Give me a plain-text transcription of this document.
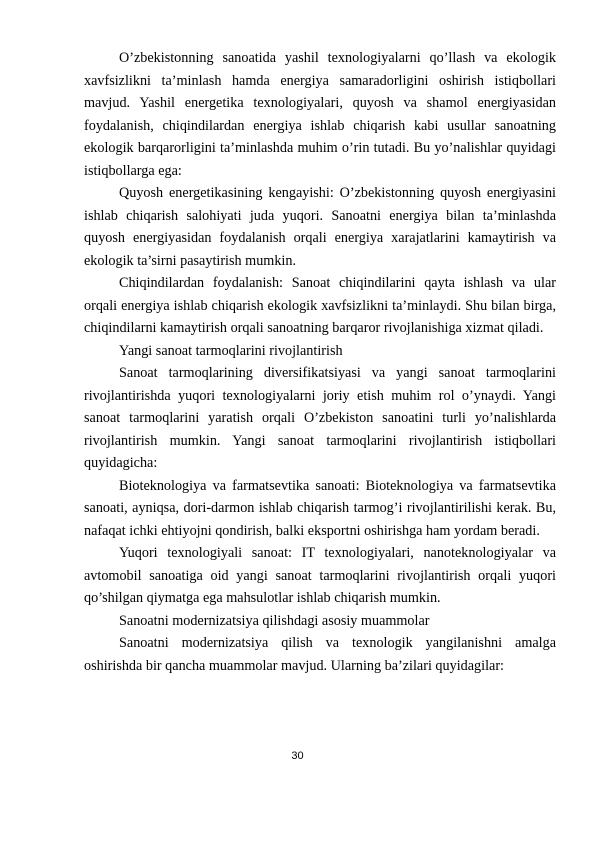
O’zbekistonning sanoatida yashil texnologiyalarni qo’llash va ekologik xavfsizlikni ta’minlash hamda energiya samaradorligini oshirish istiqbollari mavjud. Yashil energetika texnologiyalari, quyosh va shamol energiyasidan foydalanish, chiqindilardan energiya ishlab chiqarish kabi usullar sanoatning ekologik barqarorligini ta’minlashda muhim o’rin tutadi. Bu yo’nalishlar quyidagi istiqbollarga ega:

Quyosh energetikasining kengayishi: O’zbekistonning quyosh energiyasini ishlab chiqarish salohiyati juda yuqori. Sanoatni energiya bilan ta’minlashda quyosh energiyasidan foydalanish orqali energiya xarajatlarini kamaytirish va ekologik ta’sirni pasaytirish mumkin.

Chiqindilardan foydalanish: Sanoat chiqindilarini qayta ishlash va ular orqali energiya ishlab chiqarish ekologik xavfsizlikni ta’minlaydi. Shu bilan birga, chiqindilarni kamaytirish orqali sanoatning barqaror rivojlanishiga xizmat qiladi.

Yangi sanoat tarmoqlarini rivojlantirish

Sanoat tarmoqlarining diversifikatsiyasi va yangi sanoat tarmoqlarini rivojlantirishda yuqori texnologiyalarni joriy etish muhim rol o’ynaydi. Yangi sanoat tarmoqlarini yaratish orqali O’zbekiston sanoatini turli yo’nalishlarda rivojlantirish mumkin. Yangi sanoat tarmoqlarini rivojlantirish istiqbollari quyidagicha:

Bioteknologiya va farmatsevtika sanoati: Bioteknologiya va farmatsevtika sanoati, ayniqsa, dori-darmon ishlab chiqarish tarmog’i rivojlantirilishi kerak. Bu, nafaqat ichki ehtiyojni qondirish, balki eksportni oshirishga ham yordam beradi.

Yuqori texnologiyali sanoat: IT texnologiyalari, nanoteknologiyalar va avtomobil sanoatiga oid yangi sanoat tarmoqlarini rivojlantirish orqali yuqori qo’shilgan qiymatga ega mahsulotlar ishlab chiqarish mumkin.

Sanoatni modernizatsiya qilishdagi asosiy muammolar

Sanoatni modernizatsiya qilish va texnologik yangilanishni amalga oshirishda bir qancha muammolar mavjud. Ularning ba’zilari quyidagilar:

30
